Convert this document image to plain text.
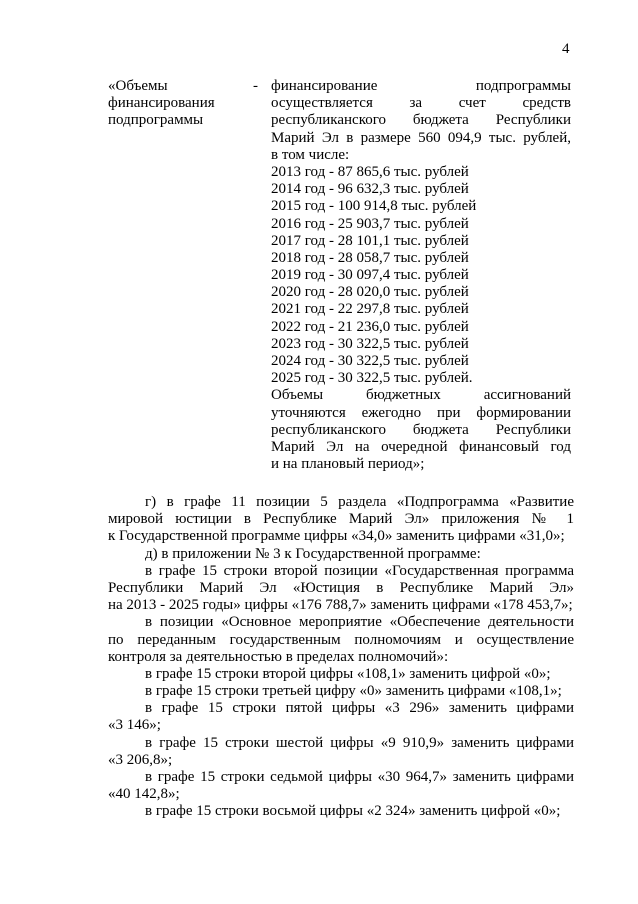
4
«Объемы
финансирования
подпрограммы
- финансирование подпрограммы
осуществляется за счет средств
республиканского бюджета Республики
Марий Эл в размере 560 094,9 тыс. рублей,
в том числе:
2013 год - 87 865,6 тыс. рублей
2014 год - 96 632,3 тыс. рублей
2015 год - 100 914,8 тыс. рублей
2016 год - 25 903,7 тыс. рублей
2017 год - 28 101,1 тыс. рублей
2018 год - 28 058,7 тыс. рублей
2019 год - 30 097,4 тыс. рублей
2020 год - 28 020,0 тыс. рублей
2021 год - 22 297,8 тыс. рублей
2022 год - 21 236,0 тыс. рублей
2023 год - 30 322,5 тыс. рублей
2024 год - 30 322,5 тыс. рублей
2025 год - 30 322,5 тыс. рублей.
Объемы бюджетных ассигнований
уточняются ежегодно при формировании
республиканского бюджета Республики
Марий Эл на очередной финансовый год
и на плановый период»;
г) в графе 11 позиции 5 раздела «Подпрограмма «Развитие
мировой юстиции в Республике Марий Эл» приложения № 1
к Государственной программе цифры «34,0» заменить цифрами «31,0»;
д) в приложении № 3 к Государственной программе:
в графе 15 строки второй позиции «Государственная программа
Республики Марий Эл «Юстиция в Республике Марий Эл»
на 2013 - 2025 годы» цифры «176 788,7» заменить цифрами «178 453,7»;
в позиции «Основное мероприятие «Обеспечение деятельности
по переданным государственным полномочиям и осуществление
контроля за деятельностью в пределах полномочий»:
в графе 15 строки второй цифры «108,1» заменить цифрой «0»;
в графе 15 строки третьей цифру «0» заменить цифрами «108,1»;
в графе 15 строки пятой цифры «3 296» заменить цифрами
«3 146»;
в графе 15 строки шестой цифры «9 910,9» заменить цифрами
«3 206,8»;
в графе 15 строки седьмой цифры «30 964,7» заменить цифрами
«40 142,8»;
в графе 15 строки восьмой цифры «2 324» заменить цифрой «0»;
